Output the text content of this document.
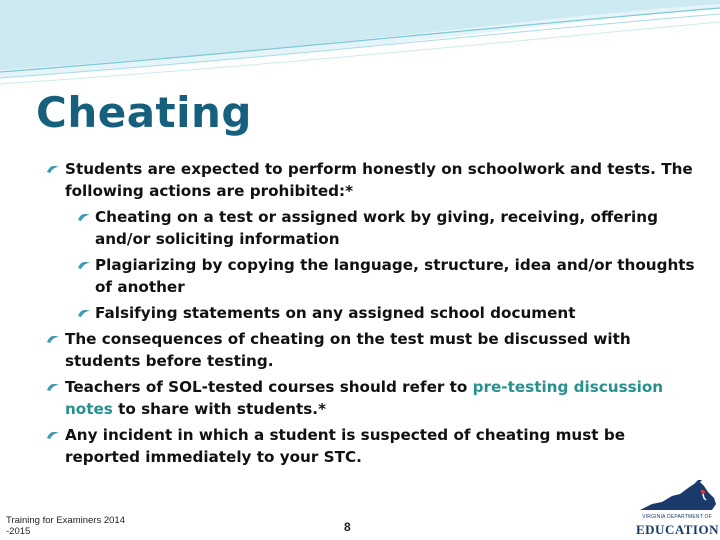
Cheating
Students are expected to perform honestly on schoolwork and tests. The following actions are prohibited:*
Cheating on a test or assigned work by giving, receiving, offering and/or soliciting information
Plagiarizing by copying the language, structure, idea and/or thoughts of another
Falsifying statements on any assigned school document
The consequences of cheating on the test must be discussed with students before testing.
Teachers of SOL-tested courses should refer to pre-testing discussion notes to share with students.*
Any incident in which a student is suspected of cheating must be reported immediately to your STC.
Training for Examiners 2014
-2015	8
VIRGINIA DEPARTMENT OF
EDUCATION
